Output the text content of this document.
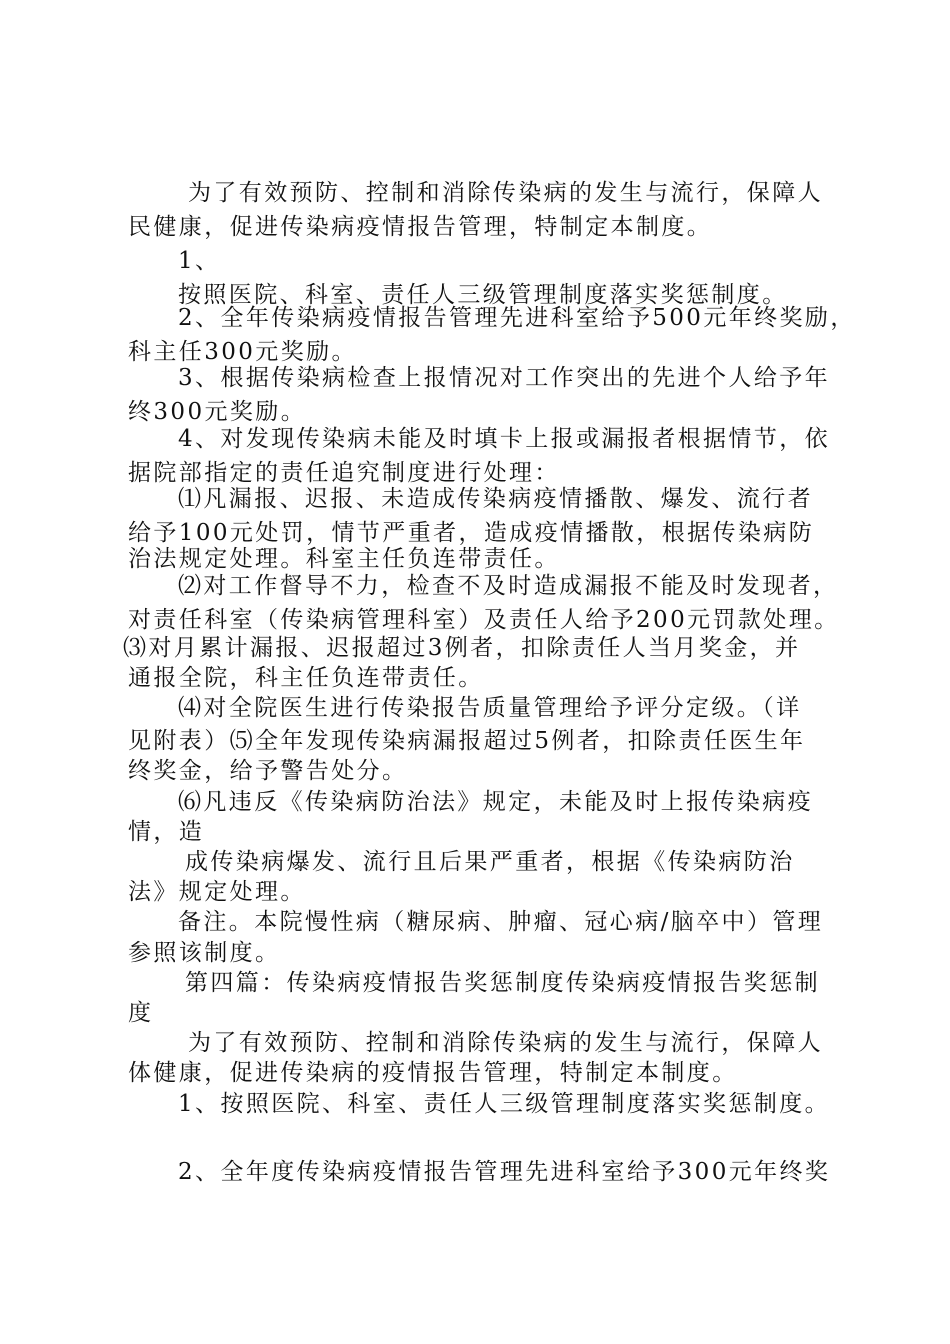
为了有效预防、控制和消除传染病的发生与流行，保障人
民健康，促进传染病疫情报告管理，特制定本制度。
1、
按照医院、科室、责任人三级管理制度落实奖惩制度。
2、全年传染病疫情报告管理先进科室给予500元年终奖励，
科主任300元奖励。
3、根据传染病检查上报情况对工作突出的先进个人给予年
终300元奖励。
4、对发现传染病未能及时填卡上报或漏报者根据情节，依
据院部指定的责任追究制度进行处理：
⑴凡漏报、迟报、未造成传染病疫情播散、爆发、流行者
给予100元处罚，情节严重者，造成疫情播散，根据传染病防
治法规定处理。科室主任负连带责任。
⑵对工作督导不力，检查不及时造成漏报不能及时发现者，
对责任科室（传染病管理科室）及责任人给予200元罚款处理。
⑶对月累计漏报、迟报超过3例者，扣除责任人当月奖金，并
通报全院，科主任负连带责任。
⑷对全院医生进行传染报告质量管理给予评分定级。（详
见附表）⑸全年发现传染病漏报超过5例者，扣除责任医生年
终奖金，给予警告处分。
⑹凡违反《传染病防治法》规定，未能及时上报传染病疫
情，造
成传染病爆发、流行且后果严重者，根据《传染病防治
法》规定处理。
备注。本院慢性病（糖尿病、肿瘤、冠心病/脑卒中）管理
参照该制度。
第四篇：传染病疫情报告奖惩制度传染病疫情报告奖惩制
度
为了有效预防、控制和消除传染病的发生与流行，保障人
体健康，促进传染病的疫情报告管理，特制定本制度。
1、按照医院、科室、责任人三级管理制度落实奖惩制度。
2、全年度传染病疫情报告管理先进科室给予300元年终奖
